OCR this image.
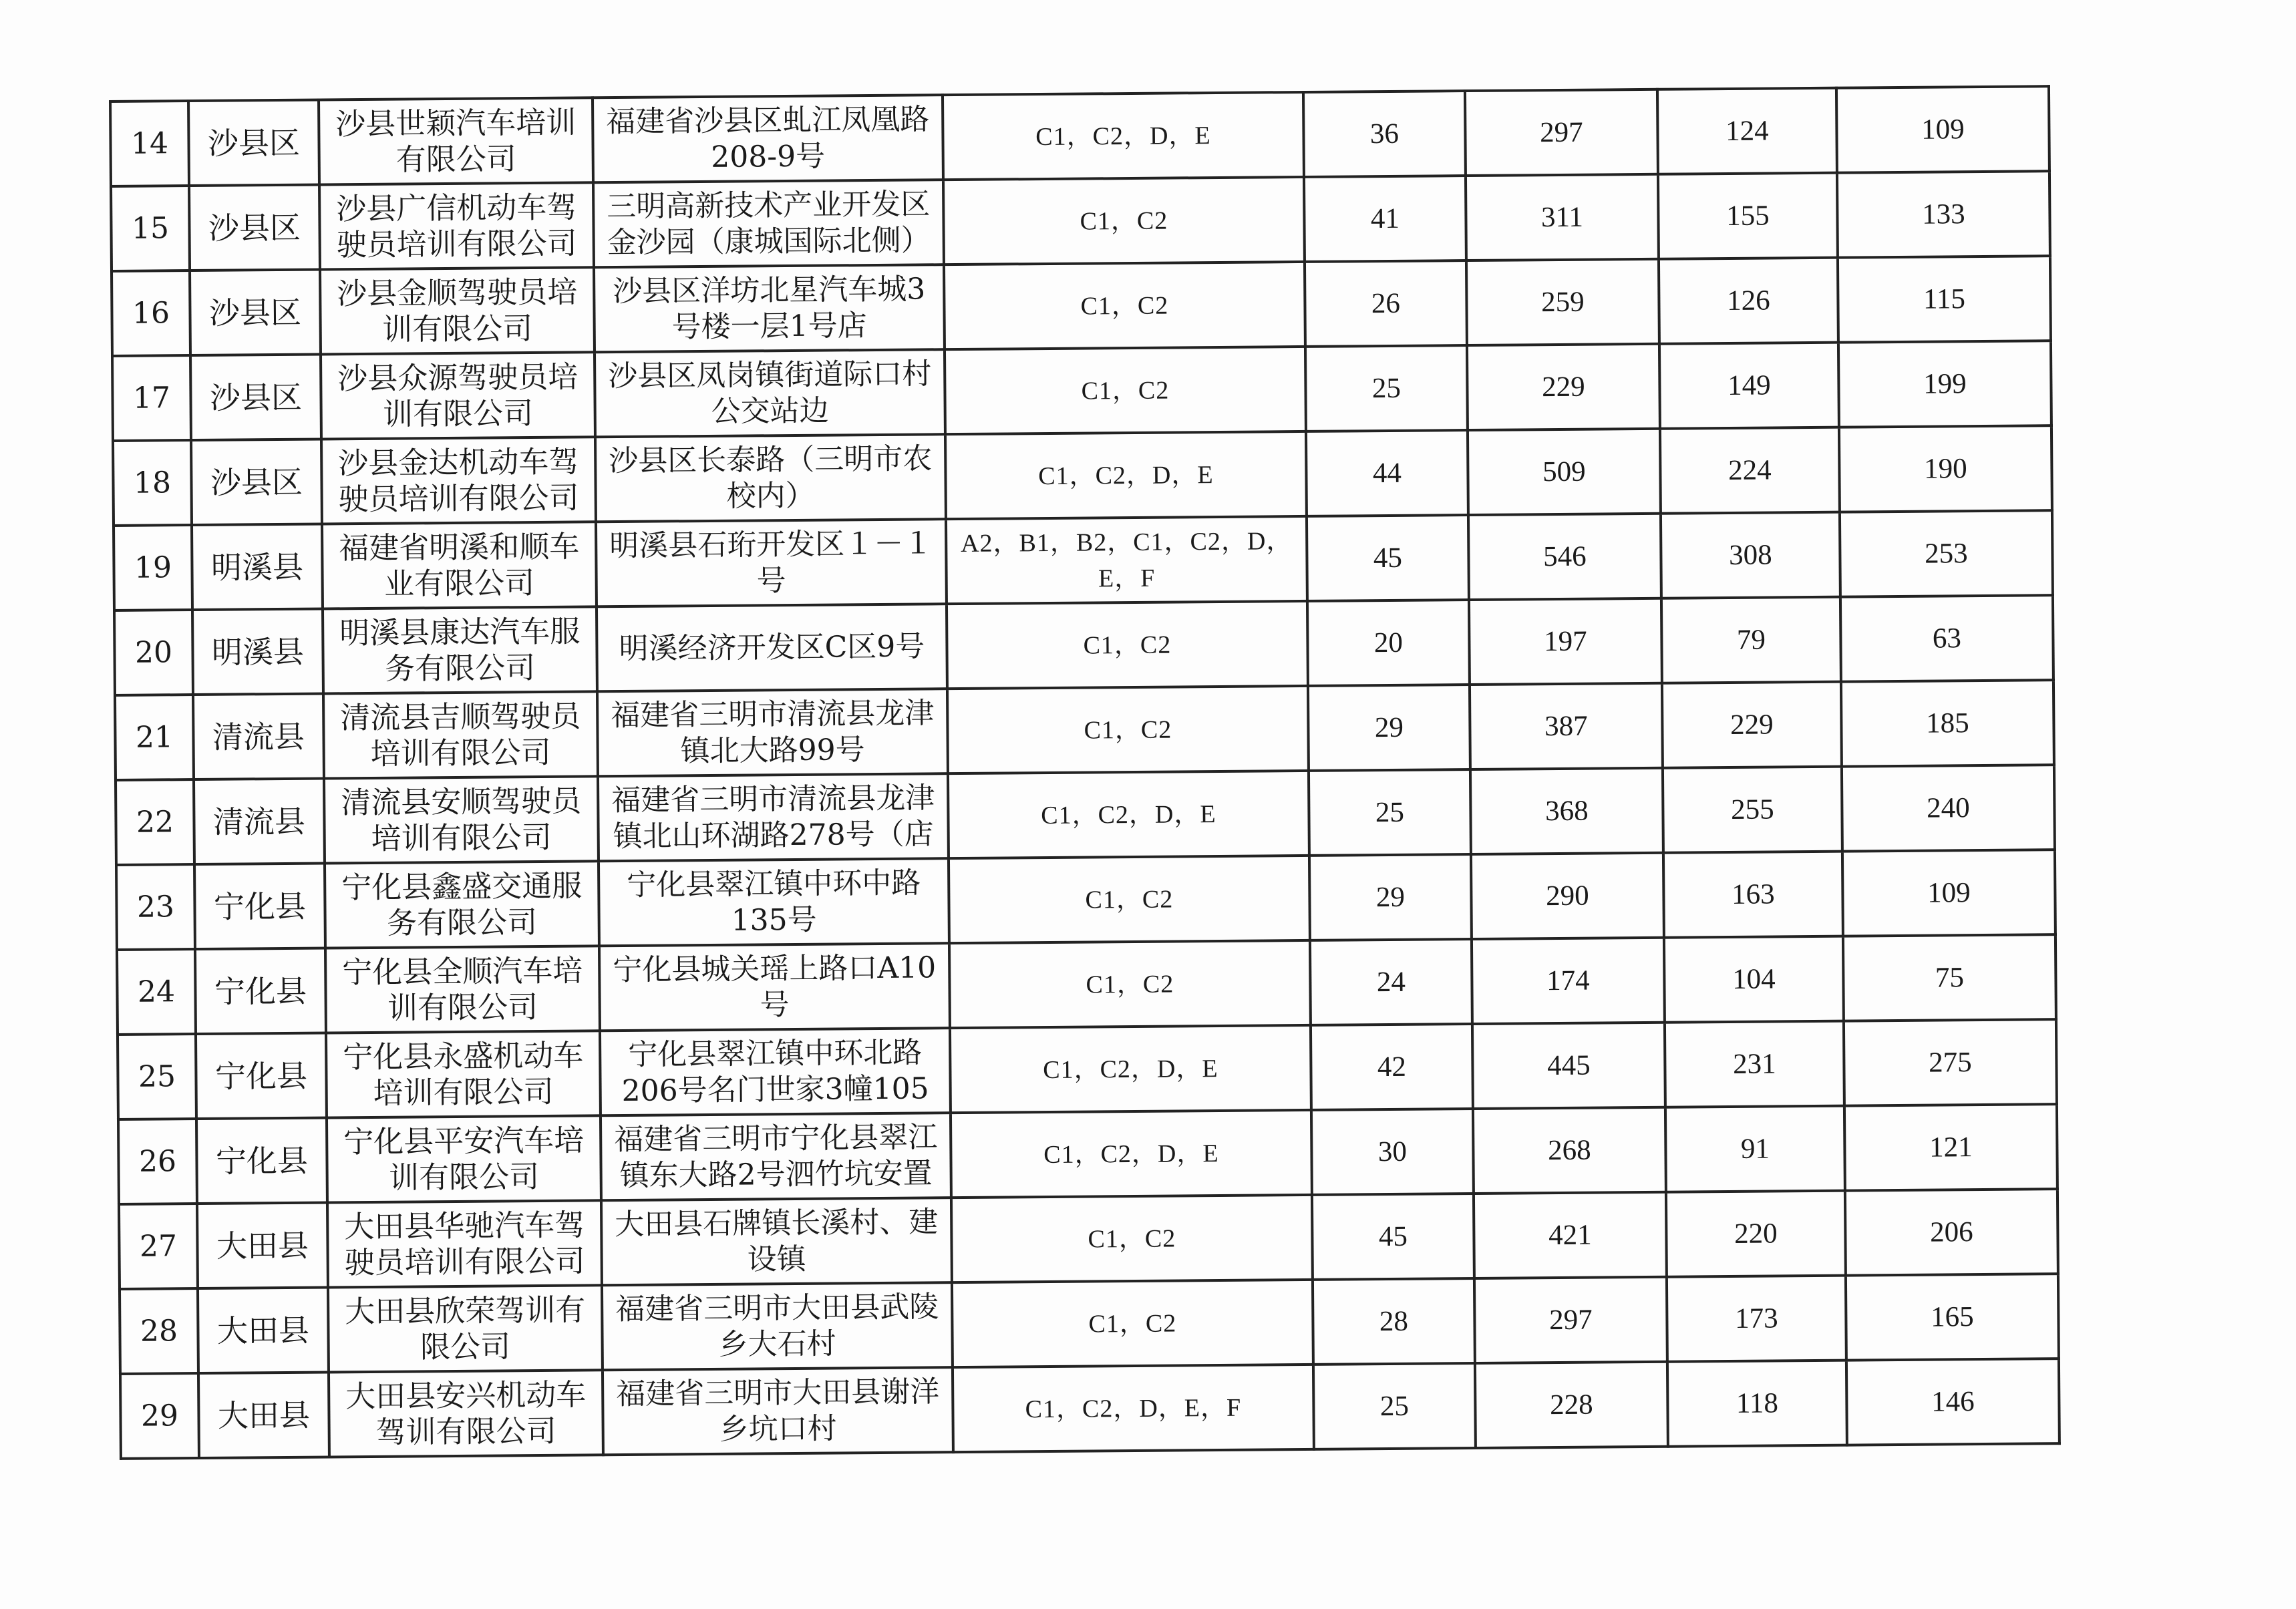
14	沙县区	沙县世颖汽车培训有限公司	福建省沙县区虬江凤凰路208-9号	C1，C2，D，E	36	297	124	109
15	沙县区	沙县广信机动车驾驶员培训有限公司	三明高新技术产业开发区金沙园（康城国际北侧）	C1，C2	41	311	155	133
16	沙县区	沙县金顺驾驶员培训有限公司	沙县区洋坊北星汽车城3号楼一层1号店	C1，C2	26	259	126	115
17	沙县区	沙县众源驾驶员培训有限公司	沙县区凤岗镇街道际口村公交站边	C1，C2	25	229	149	199
18	沙县区	沙县金达机动车驾驶员培训有限公司	沙县区长泰路（三明市农校内）	C1，C2，D，E	44	509	224	190
19	明溪县	福建省明溪和顺车业有限公司	明溪县石珩开发区１－１号	A2，B1，B2，C1，C2，D，E，F	45	546	308	253
20	明溪县	明溪县康达汽车服务有限公司	明溪经济开发区C区9号	C1，C2	20	197	79	63
21	清流县	清流县吉顺驾驶员培训有限公司	福建省三明市清流县龙津镇北大路99号	C1，C2	29	387	229	185
22	清流县	清流县安顺驾驶员培训有限公司	福建省三明市清流县龙津镇北山环湖路278号（店	C1，C2，D，E	25	368	255	240
23	宁化县	宁化县鑫盛交通服务有限公司	宁化县翠江镇中环中路135号	C1，C2	29	290	163	109
24	宁化县	宁化县全顺汽车培训有限公司	宁化县城关瑶上路口A10号	C1，C2	24	174	104	75
25	宁化县	宁化县永盛机动车培训有限公司	宁化县翠江镇中环北路206号名门世家3幢105	C1，C2，D，E	42	445	231	275
26	宁化县	宁化县平安汽车培训有限公司	福建省三明市宁化县翠江镇东大路2号泗竹坑安置	C1，C2，D，E	30	268	91	121
27	大田县	大田县华驰汽车驾驶员培训有限公司	大田县石牌镇长溪村、建设镇	C1，C2	45	421	220	206
28	大田县	大田县欣荣驾训有限公司	福建省三明市大田县武陵乡大石村	C1，C2	28	297	173	165
29	大田县	大田县安兴机动车驾训有限公司	福建省三明市大田县谢洋乡坑口村	C1，C2，D，E，F	25	228	118	146
